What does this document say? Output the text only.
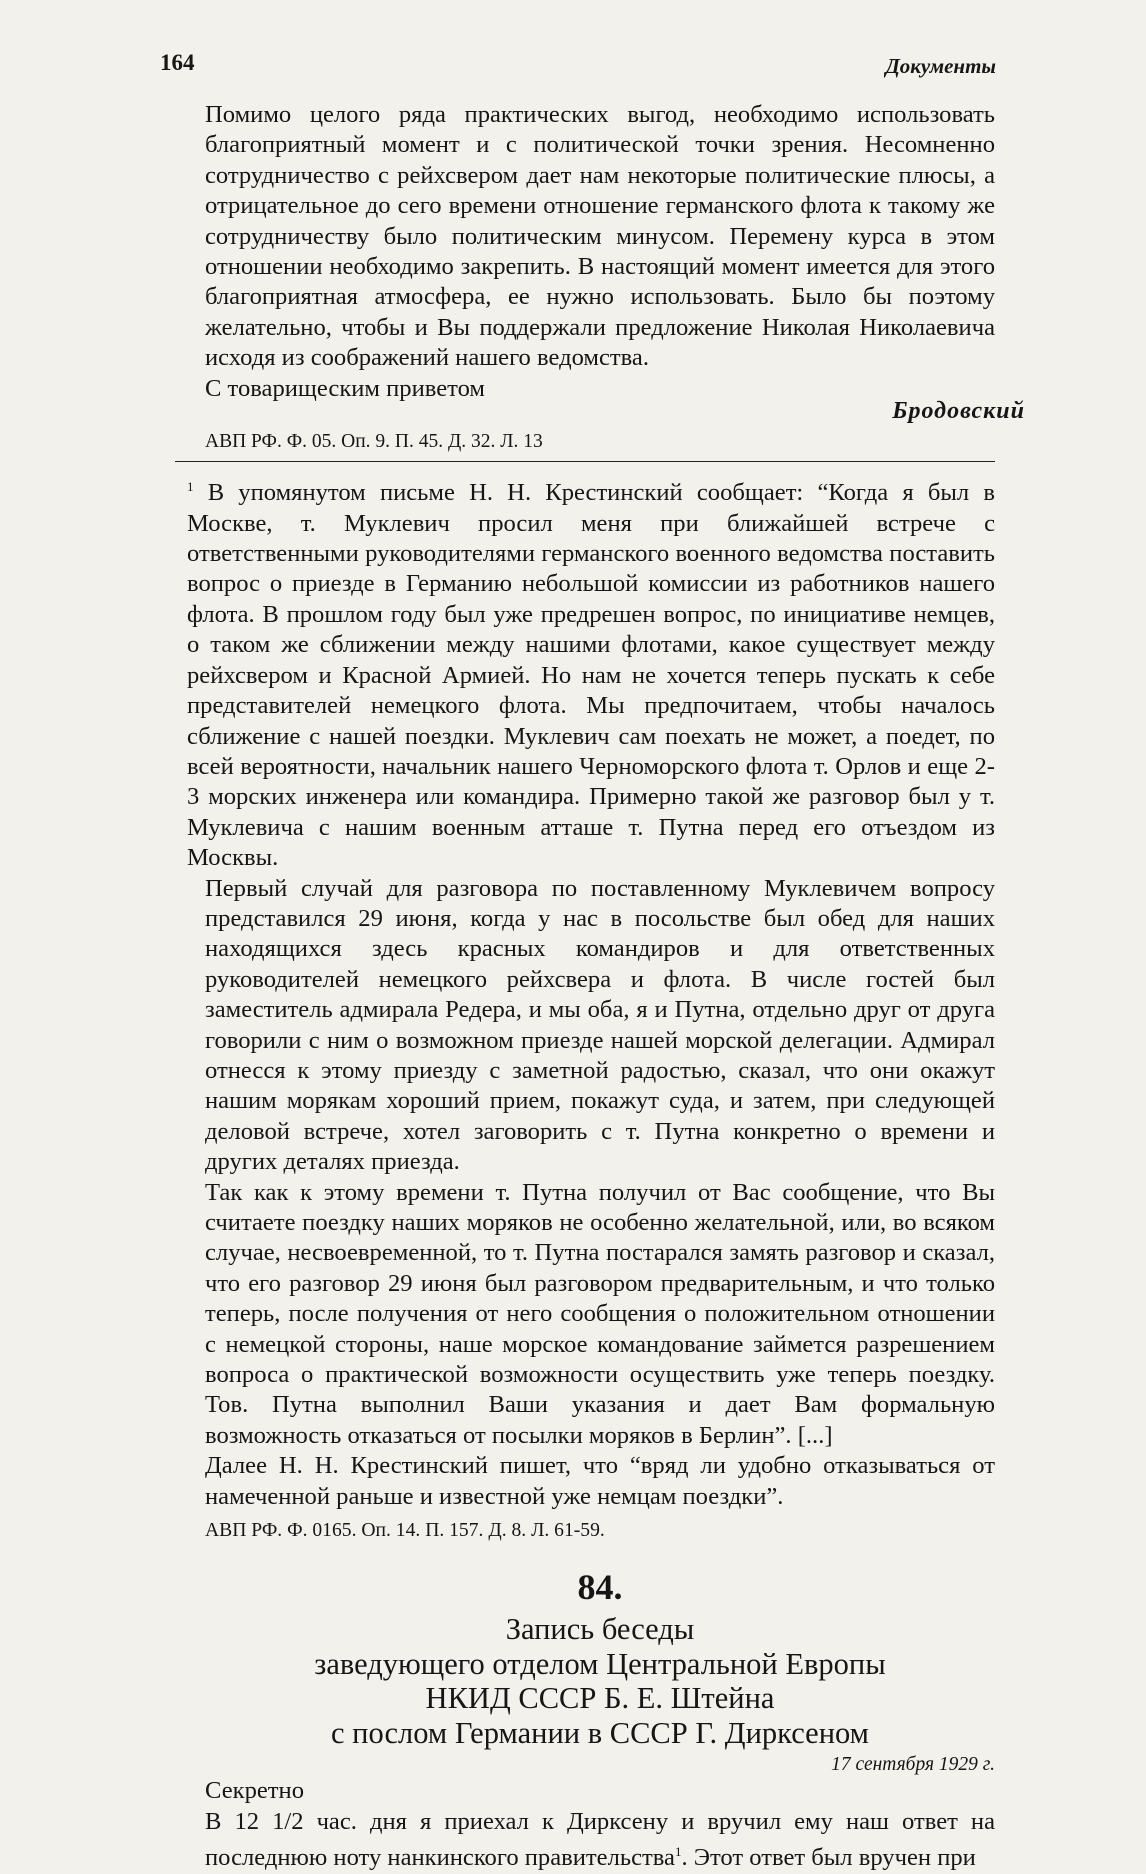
164	Документы

Помимо целого ряда практических выгод, необходимо использовать благоприятный момент и с политической точки зрения. Несомненно сотрудничество с рейхсвером дает нам некоторые политические плюсы, а отрицательное до сего времени отношение германского флота к такому же сотрудничеству было политическим минусом. Перемену курса в этом отношении необходимо закрепить. В настоящий момент имеется для этого благоприятная атмосфера, ее нужно использовать. Было бы поэтому желательно, чтобы и Вы поддержали предложение Николая Николаевича исходя из соображений нашего ведомства.

С товарищеским приветом
Бродовский
АВП РФ. Ф. 05. Оп. 9. П. 45. Д. 32. Л. 13

$^1$ В упомянутом письме Н. Н. Крестинский сообщает: “Когда я был в Москве, т. Муклевич просил меня при ближайшей встрече с ответственными руководителями германского военного ведомства поставить вопрос о приезде в Германию небольшой комиссии из работников нашего флота. В прошлом году был уже предрешен вопрос, по инициативе немцев, о таком же сближении между нашими флотами, какое существует между рейхсвером и Красной Армией. Но нам не хочется теперь пускать к себе представителей немецкого флота. Мы предпочитаем, чтобы началось сближение с нашей поездки. Муклевич сам поехать не может, а поедет, по всей вероятности, начальник нашего Черноморского флота т. Орлов и еще 2-3 морских инженера или командира. Примерно такой же разговор был у т. Муклевича с нашим военным атташе т. Путна перед его отъездом из Москвы.

Первый случай для разговора по поставленному Муклевичем вопросу представился 29 июня, когда у нас в посольстве был обед для наших находящихся здесь красных командиров и для ответственных руководителей немецкого рейхсвера и флота. В числе гостей был заместитель адмирала Редера, и мы оба, я и Путна, отдельно друг от друга говорили с ним о возможном приезде нашей морской делегации. Адмирал отнесся к этому приезду с заметной радостью, сказал, что они окажут нашим морякам хороший прием, покажут суда, и затем, при следующей деловой встрече, хотел заговорить с т. Путна конкретно о времени и других деталях приезда.

Так как к этому времени т. Путна получил от Вас сообщение, что Вы считаете поездку наших моряков не особенно желательной, или, во всяком случае, несвоевременной, то т. Путна постарался замять разговор и сказал, что его разговор 29 июня был разговором предварительным, и что только теперь, после получения от него сообщения о положительном отношении с немецкой стороны, наше морское командование займется разрешением вопроса о практической возможности осуществить уже теперь поездку. Тов. Путна выполнил Ваши указания и дает Вам формальную возможность отказаться от посылки моряков в Берлин”. [...]

Далее Н. Н. Крестинский пишет, что “вряд ли удобно отказываться от намеченной раньше и известной уже немцам поездки”.

АВП РФ. Ф. 0165. Оп. 14. П. 157. Д. 8. Л. 61-59.
84.
Запись беседы
заведующего отделом Центральной Европы
НКИД СССР Б. Е. Штейна
с послом Германии в СССР Г. Дирксеном
17 сентября 1929 г.

Секретно

В 12 1/2 час. дня я приехал к Дирксену и вручил ему наш ответ на последнюю ноту нанкинского правительства$^1$. Этот ответ был вручен при
